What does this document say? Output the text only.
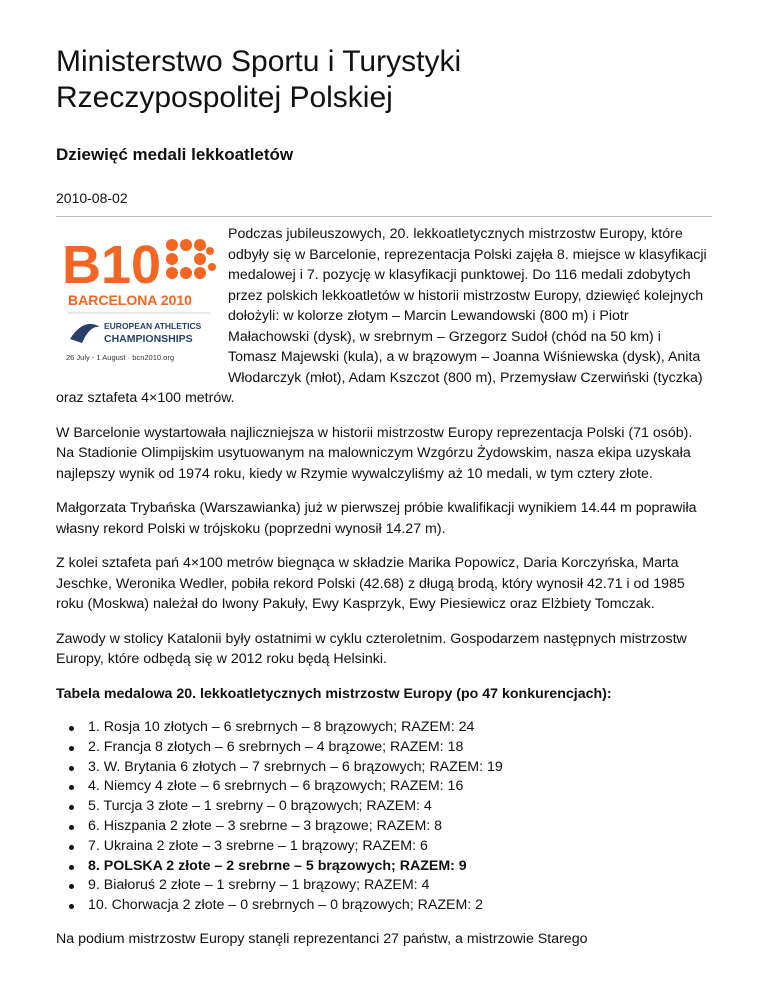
Ministerstwo Sportu i Turystyki
Rzeczypospolitej Polskiej
Dziewięć medali lekkoatletów
2010-08-02

B10
BARCELONA 2010
EUROPEAN ATHLETICS
CHAMPIONSHIPS
26 July - 1 August · bcn2010.org
Podczas jubileuszowych, 20. lekkoatletycznych mistrzostw Europy, które odbyły się w Barcelonie, reprezentacja Polski zajęła 8. miejsce w klasyfikacji medalowej i 7. pozycję w klasyfikacji punktowej. Do 116 medali zdobytych przez polskich lekkoatletów w historii mistrzostw Europy, dziewięć kolejnych dołożyli: w kolorze złotym – Marcin Lewandowski (800 m) i Piotr Małachowski (dysk), w srebrnym – Grzegorz Sudoł (chód na 50 km) i Tomasz Majewski (kula), a w brązowym – Joanna Wiśniewska (dysk), Anita Włodarczyk (młot), Adam Kszczot (800 m), Przemysław Czerwiński (tyczka) oraz sztafeta 4×100 metrów.

W Barcelonie wystartowała najliczniejsza w historii mistrzostw Europy reprezentacja Polski (71 osób). Na Stadionie Olimpijskim usytuowanym na malowniczym Wzgórzu Żydowskim, nasza ekipa uzyskała najlepszy wynik od 1974 roku, kiedy w Rzymie wywalczyliśmy aż 10 medali, w tym cztery złote.

Małgorzata Trybańska (Warszawianka) już w pierwszej próbie kwalifikacji wynikiem 14.44 m poprawiła własny rekord Polski w trójskoku (poprzedni wynosił 14.27 m).

Z kolei sztafeta pań 4×100 metrów biegnąca w składzie Marika Popowicz, Daria Korczyńska, Marta Jeschke, Weronika Wedler, pobiła rekord Polski (42.68) z długą brodą, który wynosił 42.71 i od 1985 roku (Moskwa) należał do Iwony Pakuły, Ewy Kasprzyk, Ewy Piesiewicz oraz Elżbiety Tomczak.

Zawody w stolicy Katalonii były ostatnimi w cyklu czteroletnim. Gospodarzem następnych mistrzostw Europy, które odbędą się w 2012 roku będą Helsinki.

Tabela medalowa 20. lekkoatletycznych mistrzostw Europy (po 47 konkurencjach):

1. Rosja 10 złotych – 6 srebrnych – 8 brązowych; RAZEM: 24
2. Francja 8 złotych – 6 srebrnych – 4 brązowe; RAZEM: 18
3. W. Brytania 6 złotych – 7 srebrnych – 6 brązowych; RAZEM: 19
4. Niemcy 4 złote – 6 srebrnych – 6 brązowych; RAZEM: 16
5. Turcja 3 złote – 1 srebrny – 0 brązowych; RAZEM: 4
6. Hiszpania 2 złote – 3 srebrne – 3 brązowe; RAZEM: 8
7. Ukraina 2 złote – 3 srebrne – 1 brązowy; RAZEM: 6
8. POLSKA 2 złote – 2 srebrne – 5 brązowych; RAZEM: 9
9. Białoruś 2 złote – 1 srebrny – 1 brązowy; RAZEM: 4
10. Chorwacja 2 złote – 0 srebrnych – 0 brązowych; RAZEM: 2

Na podium mistrzostw Europy stanęli reprezentanci 27 państw, a mistrzowie Starego
